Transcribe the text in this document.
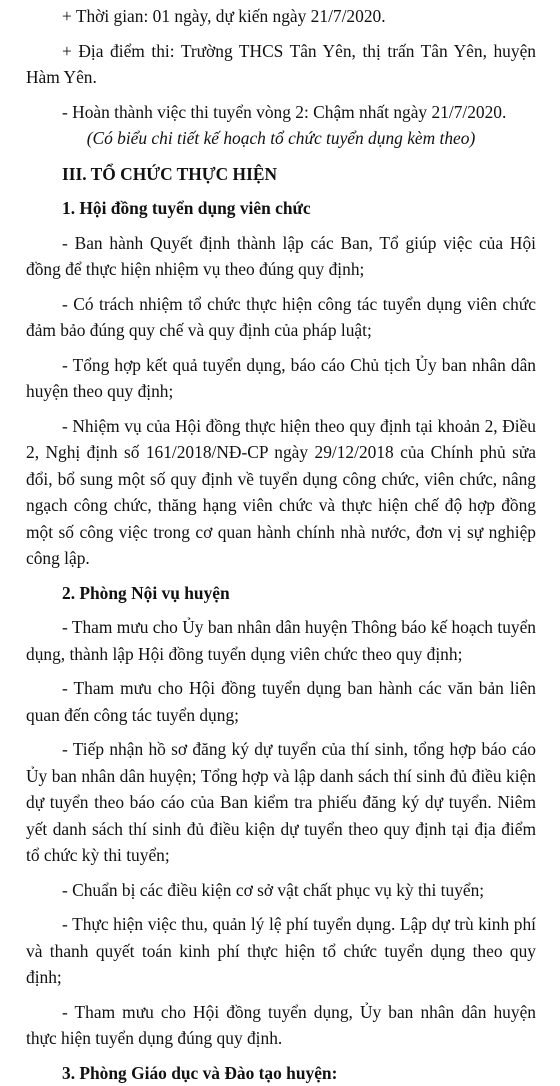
+ Thời gian: 01 ngày, dự kiến ngày 21/7/2020.

+ Địa điểm thi: Trường THCS Tân Yên, thị trấn Tân Yên, huyện Hàm Yên.

- Hoàn thành việc thi tuyển vòng 2: Chậm nhất ngày 21/7/2020.

(Có biểu chi tiết kế hoạch tổ chức tuyển dụng kèm theo)

III. TỔ CHỨC THỰC HIỆN

1. Hội đồng tuyển dụng viên chức

- Ban hành Quyết định thành lập các Ban, Tổ giúp việc của Hội đồng để thực hiện nhiệm vụ theo đúng quy định;

- Có trách nhiệm tổ chức thực hiện công tác tuyển dụng viên chức đảm bảo đúng quy chế và quy định của pháp luật;

- Tổng hợp kết quả tuyển dụng, báo cáo Chủ tịch Ủy ban nhân dân huyện theo quy định;

- Nhiệm vụ của Hội đồng thực hiện theo quy định tại khoản 2, Điều 2, Nghị định số 161/2018/NĐ-CP ngày 29/12/2018 của Chính phủ sửa đổi, bổ sung một số quy định về tuyển dụng công chức, viên chức, nâng ngạch công chức, thăng hạng viên chức và thực hiện chế độ hợp đồng một số công việc trong cơ quan hành chính nhà nước, đơn vị sự nghiệp công lập.

2. Phòng Nội vụ huyện

- Tham mưu cho Ủy ban nhân dân huyện Thông báo kế hoạch tuyển dụng, thành lập Hội đồng tuyển dụng viên chức theo quy định;

- Tham mưu cho Hội đồng tuyển dụng ban hành các văn bản liên quan đến công tác tuyển dụng;

- Tiếp nhận hồ sơ đăng ký dự tuyển của thí sinh, tổng hợp báo cáo Ủy ban nhân dân huyện; Tổng hợp và lập danh sách thí sinh đủ điều kiện dự tuyển theo báo cáo của Ban kiểm tra phiếu đăng ký dự tuyển. Niêm yết danh sách thí sinh đủ điều kiện dự tuyển theo quy định tại địa điểm tổ chức kỳ thi tuyển;

- Chuẩn bị các điều kiện cơ sở vật chất phục vụ kỳ thi tuyển;

- Thực hiện việc thu, quản lý lệ phí tuyển dụng. Lập dự trù kinh phí và thanh quyết toán kinh phí thực hiện tổ chức tuyển dụng theo quy định;

- Tham mưu cho Hội đồng tuyển dụng, Ủy ban nhân dân huyện thực hiện tuyển dụng đúng quy định.

3. Phòng Giáo dục và Đào tạo huyện:
